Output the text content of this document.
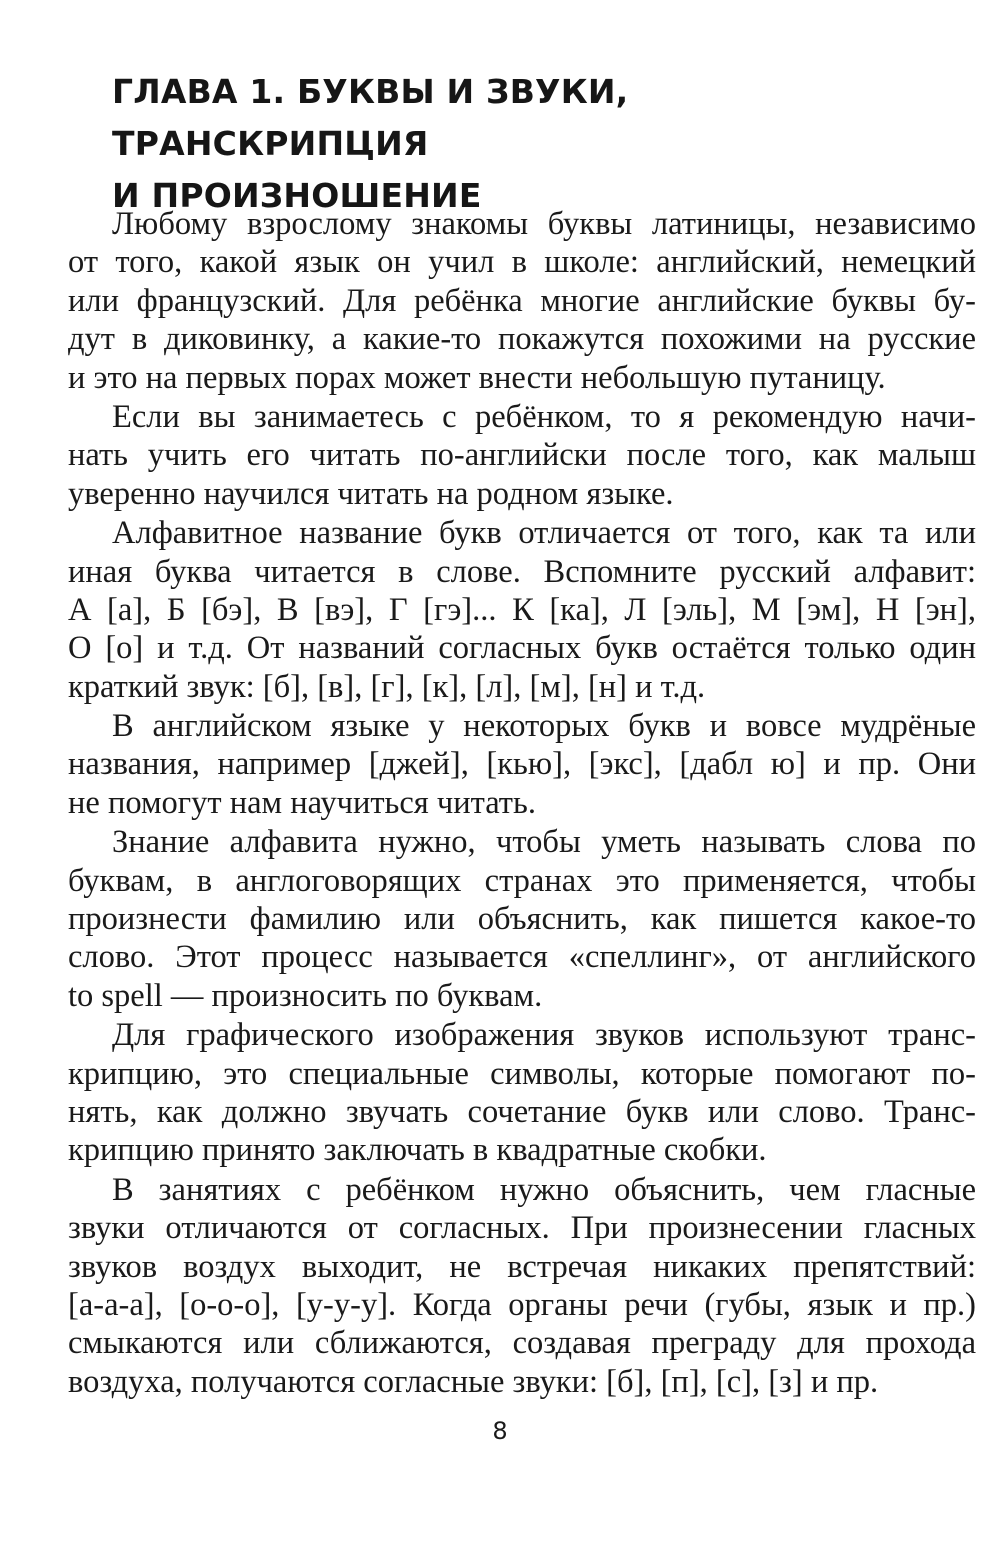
ГЛАВА 1. БУКВЫ И ЗВУКИ, ТРАНСКРИПЦИЯ
И ПРОИЗНОШЕНИЕ
Любому взрослому знакомы буквы латиницы, независимо
от того, какой язык он учил в школе: английский, немецкий
или французский. Для ребёнка многие английские буквы бу-
дут в диковинку, а какие-то покажутся похожими на русские
и это на первых порах может внести небольшую путаницу.
Если вы занимаетесь с ребёнком, то я рекомендую начи-
нать учить его читать по-английски после того, как малыш
уверенно научился читать на родном языке.
Алфавитное название букв отличается от того, как та или
иная буква читается в слове. Вспомните русский алфавит:
А [а], Б [бэ], В [вэ], Г [гэ]... К [ка], Л [эль], М [эм], Н [эн],
О [о] и т.д. От названий согласных букв остаётся только один
краткий звук: [б], [в], [г], [к], [л], [м], [н] и т.д.
В английском языке у некоторых букв и вовсе мудрёные
названия, например [джей], [кью], [экс], [дабл ю] и пр. Они
не помогут нам научиться читать.
Знание алфавита нужно, чтобы уметь называть слова по
буквам, в англоговорящих странах это применяется, чтобы
произнести фамилию или объяснить, как пишется какое-то
слово. Этот процесс называется «спеллинг», от английского
to spell — произносить по буквам.
Для графического изображения звуков используют транс-
крипцию, это специальные символы, которые помогают по-
нять, как должно звучать сочетание букв или слово. Транс-
крипцию принято заключать в квадратные скобки.
В занятиях с ребёнком нужно объяснить, чем гласные
звуки отличаются от согласных. При произнесении гласных
звуков воздух выходит, не встречая никаких препятствий:
[а-а-а], [о-о-о], [у-у-у]. Когда органы речи (губы, язык и пр.)
смыкаются или сближаются, создавая преграду для прохода
воздуха, получаются согласные звуки: [б], [п], [с], [з] и пр.
8
